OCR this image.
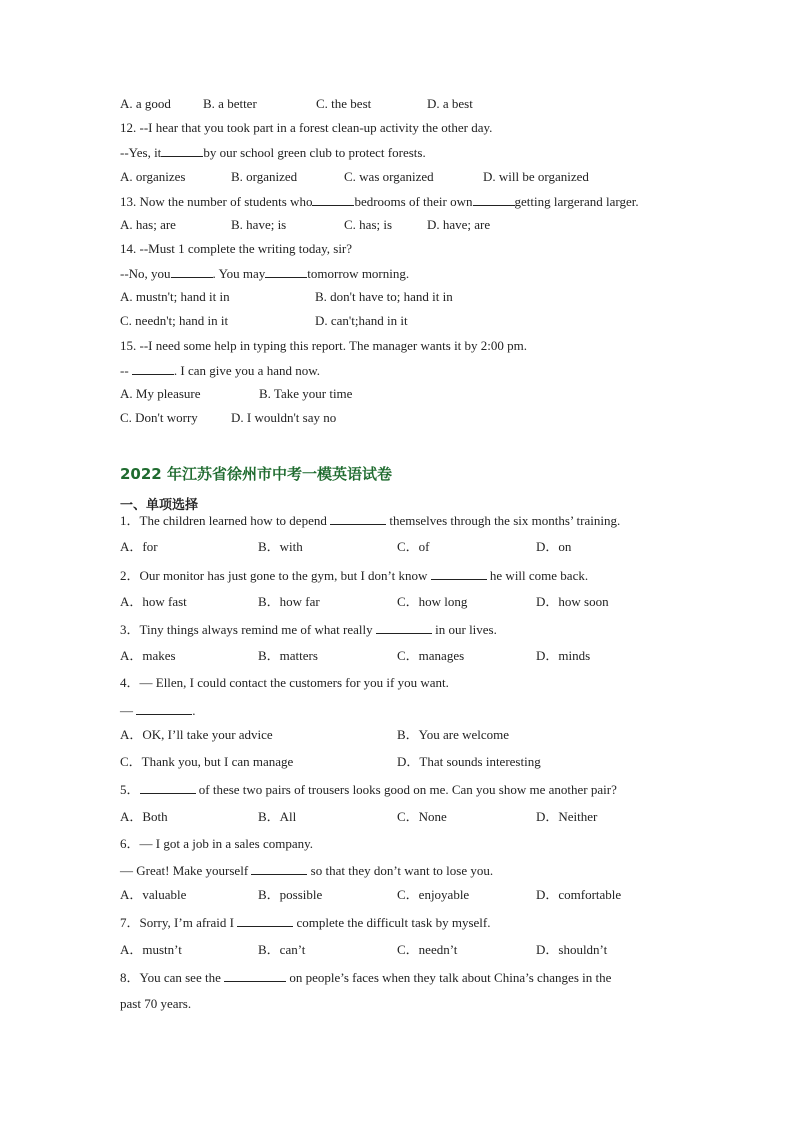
A. a good B. a better	C. the best	D. a best
12. --I hear that you took part in a forest clean-up activity the other day.
--Yes, it	by our school green club to protect forests.
A. organizes	B. organized	C. was organized	D. will be organized
13. Now the number of students who	bedrooms of their own	getting largerand larger.
A. has; are	B. have; is	C. has; is	D. have; are
14. --Must 1 complete the writing today, sir?
--No, you	. You may	tomorrow morning.
A. mustn't; hand it in	B. don't have to; hand it in
C. needn't; hand in it	D. can't;hand in it
15. --I need some help in typing this report. The manager wants it by 2:00 pm.
--	. I can give you a hand now.
A. My pleasure	B. Take your time
C. Don't worry	D. I wouldn't say no
2022 年江苏省徐州市中考一模英语试卷
一、单项选择
1．The children learned how to depend	themselves through the six months’ training.
A．for	B．with	C．of	D．on
2．Our monitor has just gone to the gym, but I don’t know	he will come back.
A．how fast	B．how far	C．how long	D．how soon
3．Tiny things always remind me of what really	in our lives.
A．makes	B．matters	C．manages	D．minds
4．— Ellen, I could contact the customers for you if you want.
—	.
A．OK, I’ll take your advice	B．You are welcome
C．Thank you, but I can manage	D．That sounds interesting
5．	of these two pairs of trousers looks good on me. Can you show me another pair?
A．Both	B．All	C．None	D．Neither
6．— I got a job in a sales company.
— Great! Make yourself	so that they don’t want to lose you.
A．valuable	B．possible	C．enjoyable	D．comfortable
7．Sorry, I’m afraid I	complete the difficult task by myself.
A．mustn’t	B．can’t	C．needn’t	D．shouldn’t
8．You can see the	on people’s faces when they talk about China’s changes in the
past 70 years.
